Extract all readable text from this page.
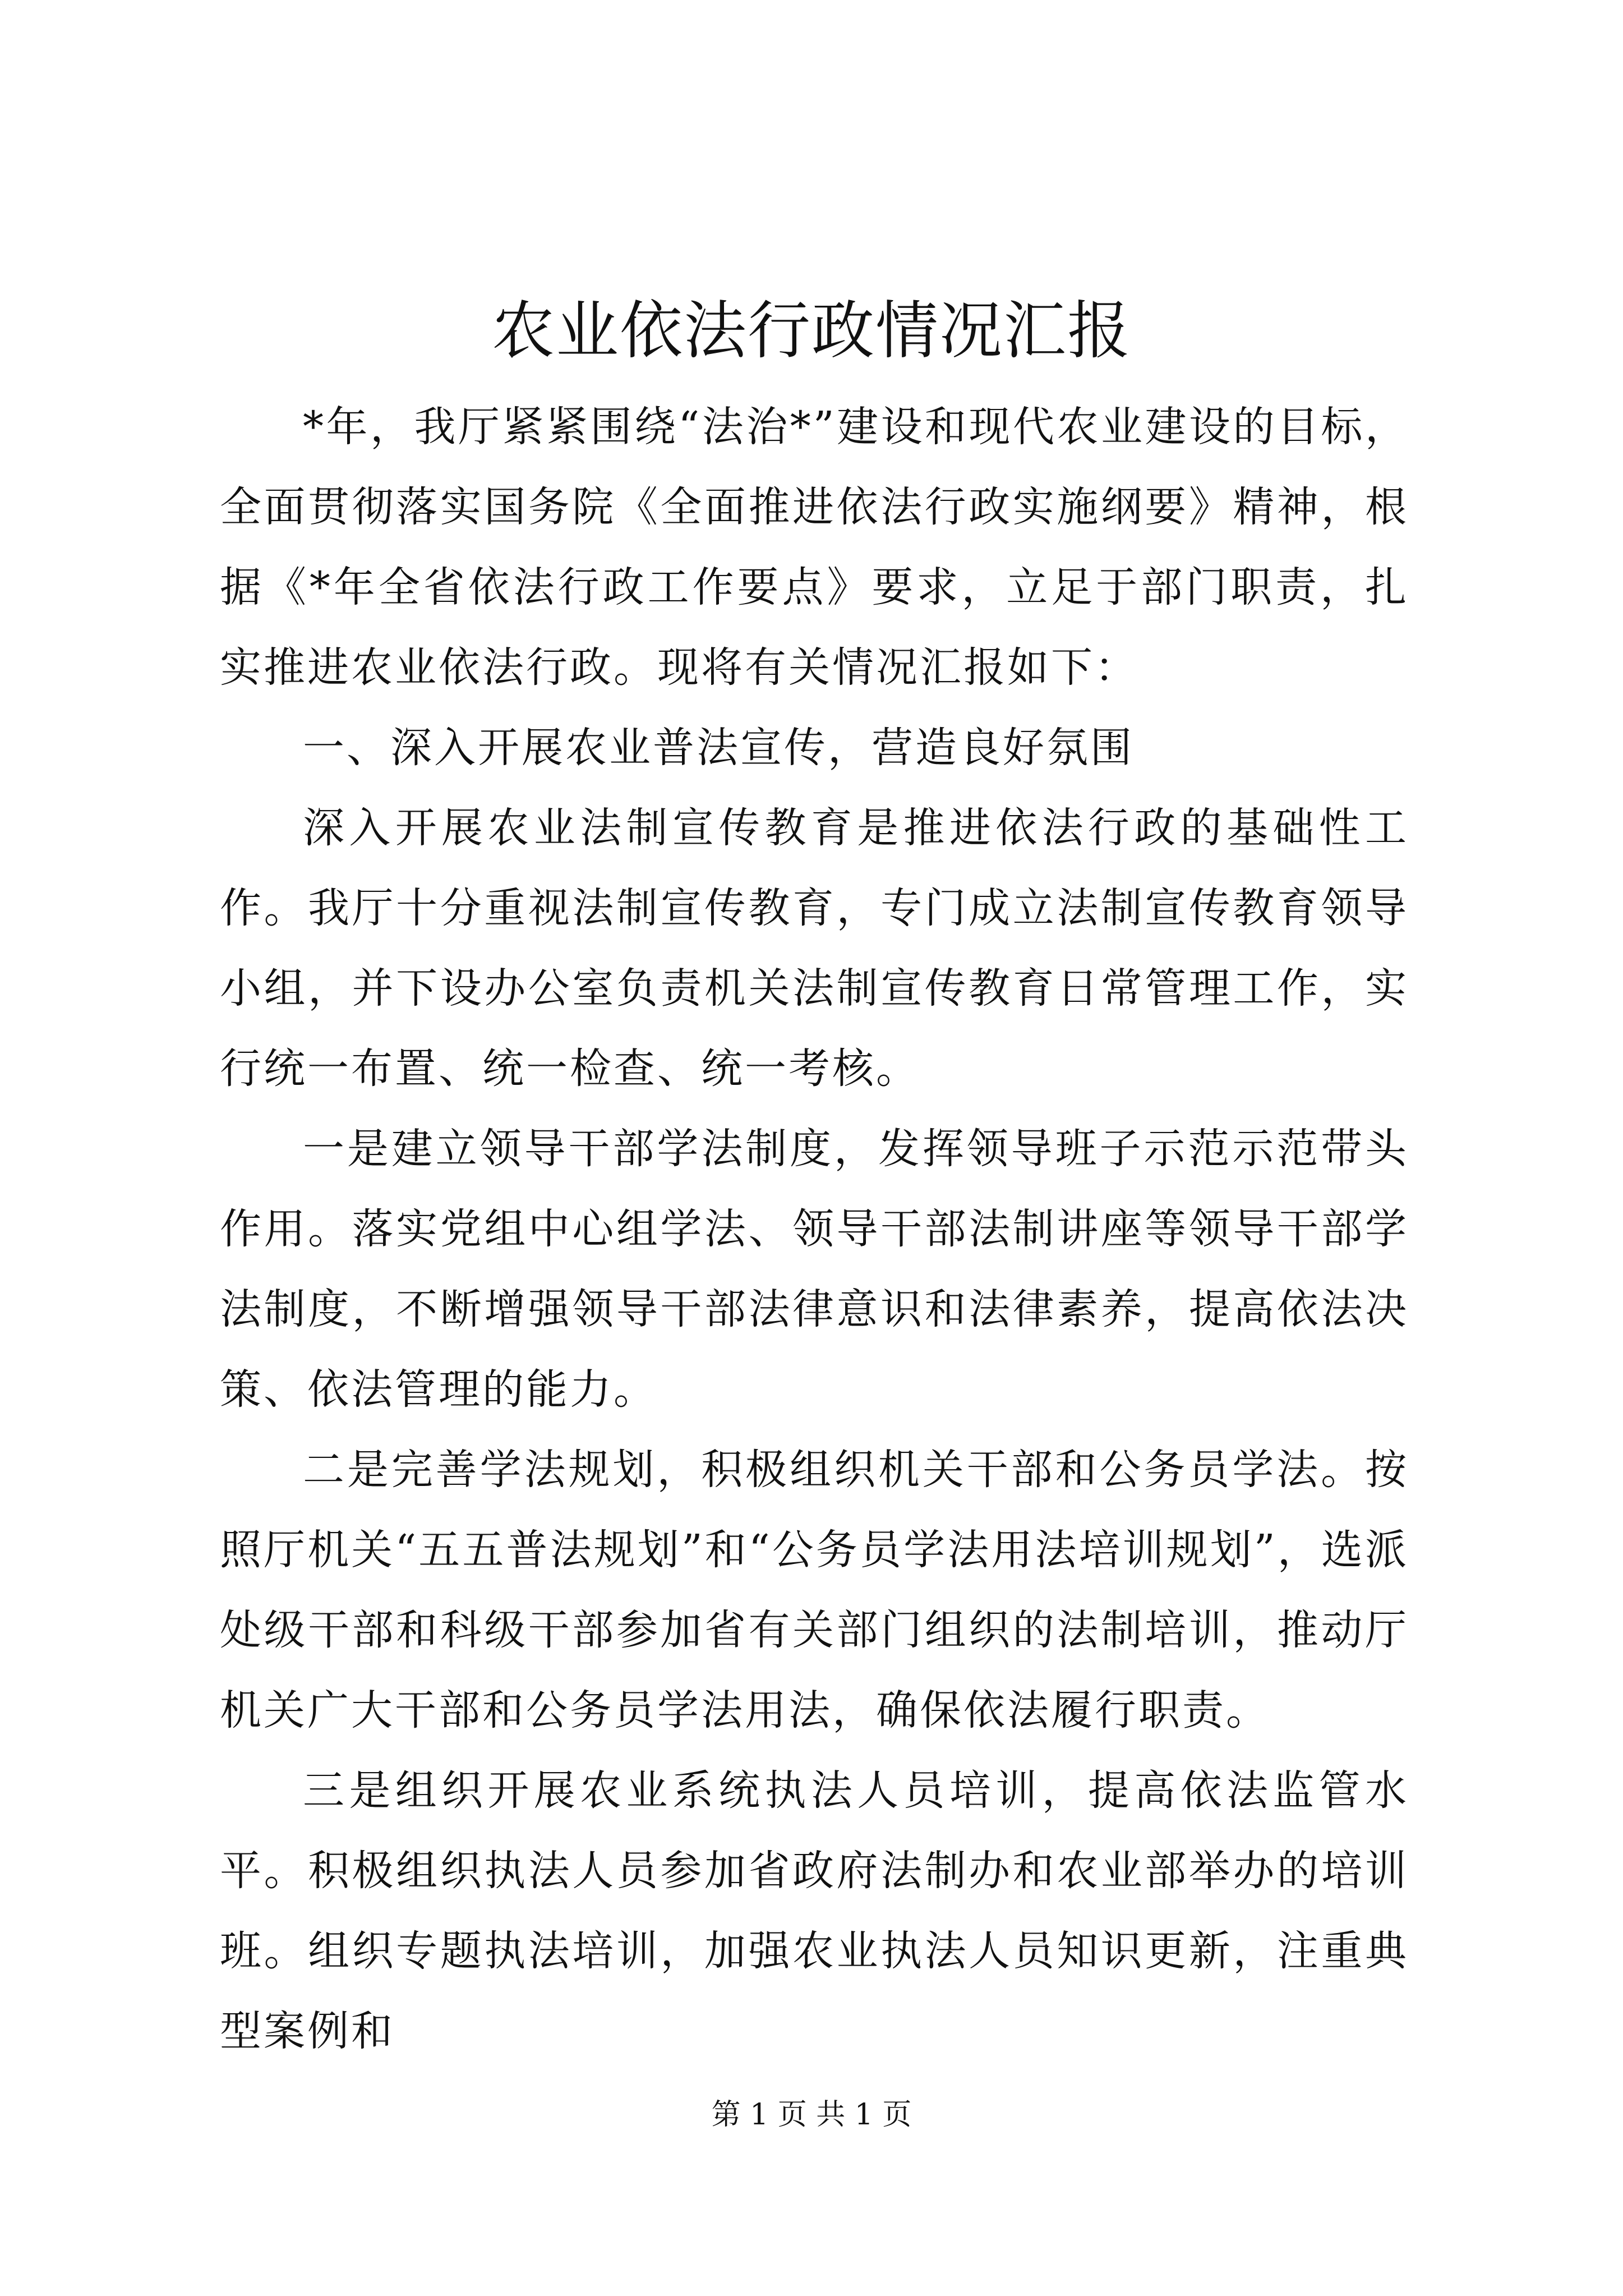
农业依法行政情况汇报

*年，我厅紧紧围绕“法治*”建设和现代农业建设的目标，全面贯彻落实国务院《全面推进依法行政实施纲要》精神，根据《*年全省依法行政工作要点》要求，立足于部门职责，扎实推进农业依法行政。现将有关情况汇报如下：

一、深入开展农业普法宣传，营造良好氛围

深入开展农业法制宣传教育是推进依法行政的基础性工作。我厅十分重视法制宣传教育，专门成立法制宣传教育领导小组，并下设办公室负责机关法制宣传教育日常管理工作，实行统一布置、统一检查、统一考核。

一是建立领导干部学法制度，发挥领导班子示范示范带头作用。落实党组中心组学法、领导干部法制讲座等领导干部学法制度，不断增强领导干部法律意识和法律素养，提高依法决策、依法管理的能力。

二是完善学法规划，积极组织机关干部和公务员学法。按照厅机关“五五普法规划”和“公务员学法用法培训规划”，选派处级干部和科级干部参加省有关部门组织的法制培训，推动厅机关广大干部和公务员学法用法，确保依法履行职责。

三是组织开展农业系统执法人员培训，提高依法监管水平。积极组织执法人员参加省政府法制办和农业部举办的培训班。组织专题执法培训，加强农业执法人员知识更新，注重典型案例和

第 1 页 共 1 页
